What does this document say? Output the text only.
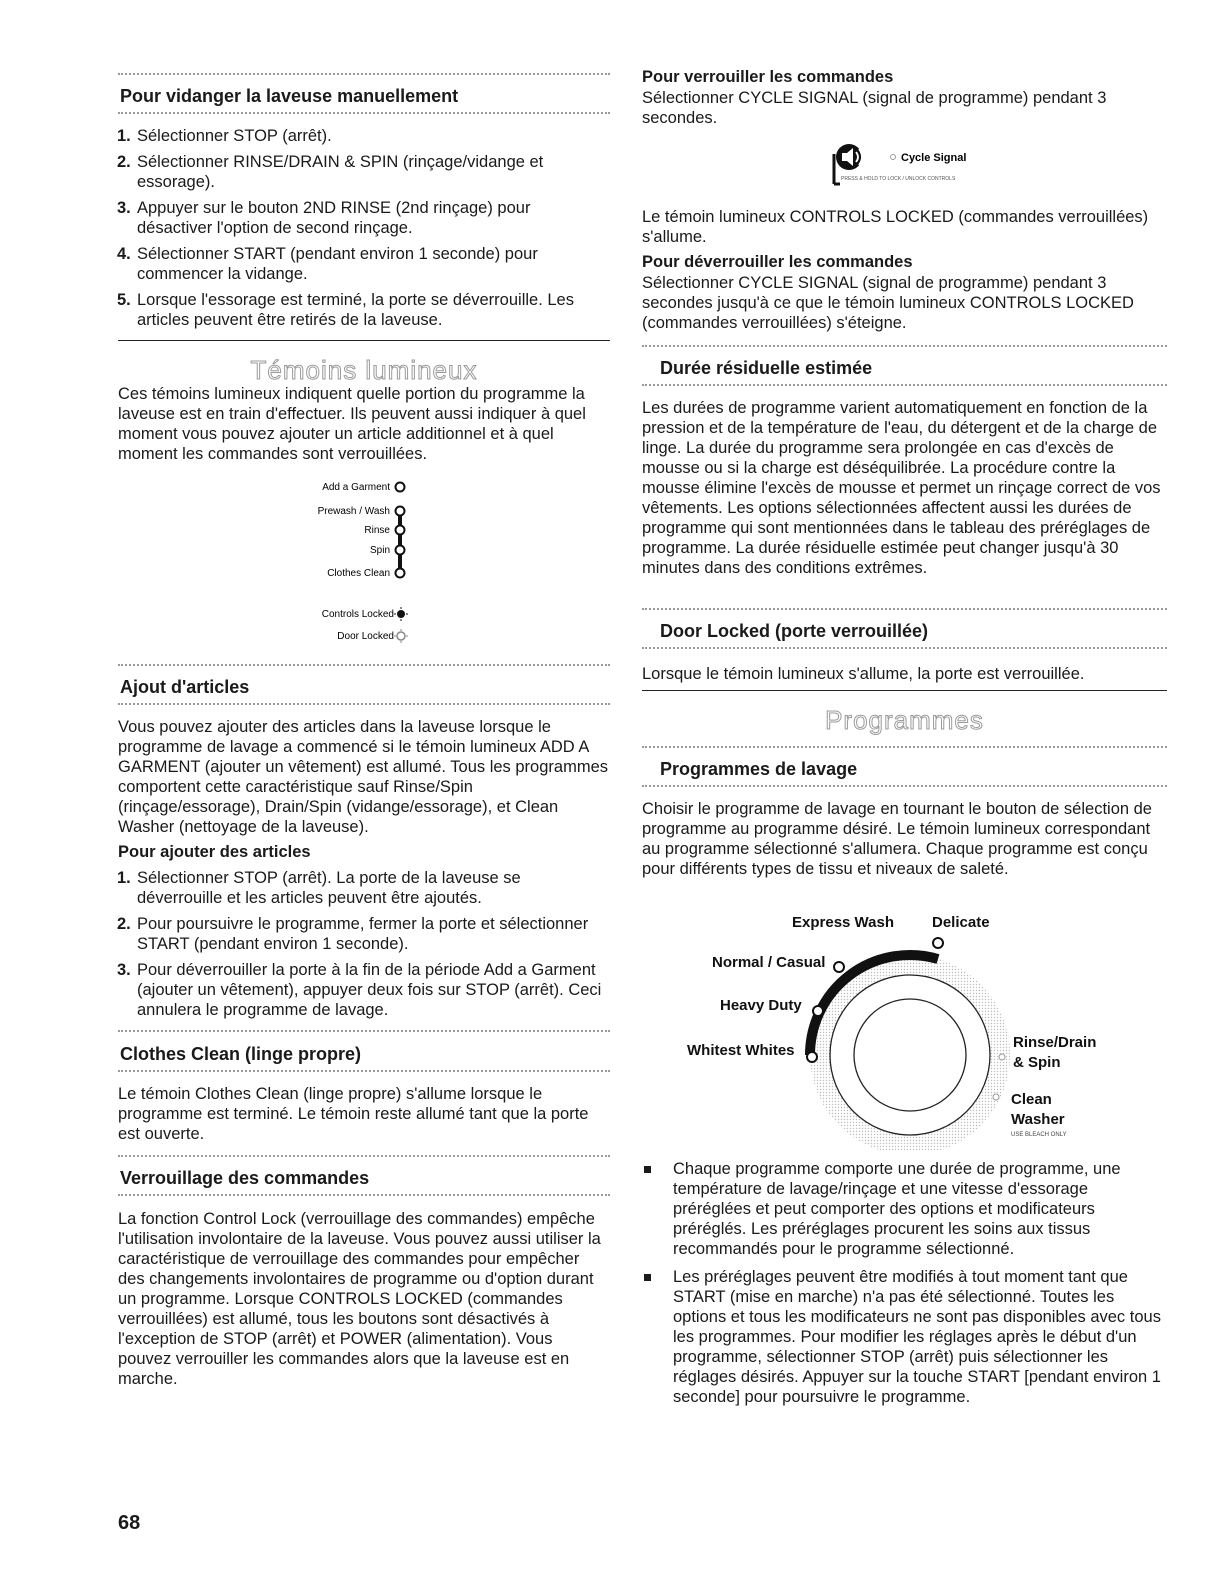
Pour vidanger la laveuse manuellement
1. Sélectionner STOP (arrêt).
2. Sélectionner RINSE/DRAIN & SPIN (rinçage/vidange et essorage).
3. Appuyer sur le bouton 2ND RINSE (2nd rinçage) pour désactiver l'option de second rinçage.
4. Sélectionner START (pendant environ 1 seconde) pour commencer la vidange.
5. Lorsque l'essorage est terminé, la porte se déverrouille. Les articles peuvent être retirés de la laveuse.
Témoins lumineux
Ces témoins lumineux indiquent quelle portion du programme la laveuse est en train d'effectuer. Ils peuvent aussi indiquer à quel moment vous pouvez ajouter un article additionnel et à quel moment les commandes sont verrouillées.
Add a Garment
Prewash / Wash
Rinse
Spin
Clothes Clean
Controls Locked
Door Locked
Ajout d'articles
Vous pouvez ajouter des articles dans la laveuse lorsque le programme de lavage a commencé si le témoin lumineux ADD A GARMENT (ajouter un vêtement) est allumé. Tous les programmes comportent cette caractéristique sauf Rinse/Spin (rinçage/essorage), Drain/Spin (vidange/essorage), et Clean Washer (nettoyage de la laveuse).
Pour ajouter des articles
1. Sélectionner STOP (arrêt). La porte de la laveuse se déverrouille et les articles peuvent être ajoutés.
2. Pour poursuivre le programme, fermer la porte et sélectionner START (pendant environ 1 seconde).
3. Pour déverrouiller la porte à la fin de la période Add a Garment (ajouter un vêtement), appuyer deux fois sur STOP (arrêt). Ceci annulera le programme de lavage.
Clothes Clean (linge propre)
Le témoin Clothes Clean (linge propre) s'allume lorsque le programme est terminé. Le témoin reste allumé tant que la porte est ouverte.
Verrouillage des commandes
La fonction Control Lock (verrouillage des commandes) empêche l'utilisation involontaire de la laveuse. Vous pouvez aussi utiliser la caractéristique de verrouillage des commandes pour empêcher des changements involontaires de programme ou d'option durant un programme. Lorsque CONTROLS LOCKED (commandes verrouillées) est allumé, tous les boutons sont désactivés à l'exception de STOP (arrêt) et POWER (alimentation). Vous pouvez verrouiller les commandes alors que la laveuse est en marche.
Pour verrouiller les commandes
Sélectionner CYCLE SIGNAL (signal de programme) pendant 3 secondes.
Cycle Signal
PRESS & HOLD TO LOCK / UNLOCK CONTROLS
Le témoin lumineux CONTROLS LOCKED (commandes verrouillées) s'allume.
Pour déverrouiller les commandes
Sélectionner CYCLE SIGNAL (signal de programme) pendant 3 secondes jusqu'à ce que le témoin lumineux CONTROLS LOCKED (commandes verrouillées) s'éteigne.
Durée résiduelle estimée
Les durées de programme varient automatiquement en fonction de la pression et de la température de l'eau, du détergent et de la charge de linge. La durée du programme sera prolongée en cas d'excès de mousse ou si la charge est déséquilibrée. La procédure contre la mousse élimine l'excès de mousse et permet un rinçage correct de vos vêtements. Les options sélectionnées affectent aussi les durées de programme qui sont mentionnées dans le tableau des préréglages de programme. La durée résiduelle estimée peut changer jusqu'à 30 minutes dans des conditions extrêmes.
Door Locked (porte verrouillée)
Lorsque le témoin lumineux s'allume, la porte est verrouillée.
Programmes
Programmes de lavage
Choisir le programme de lavage en tournant le bouton de sélection de programme au programme désiré. Le témoin lumineux correspondant au programme sélectionné s'allumera. Chaque programme est conçu pour différents types de tissu et niveaux de saleté.
Express Wash	Delicate
Normal / Casual
Heavy Duty
Whitest Whites	Rinse/Drain
& Spin
Clean
Washer
USE BLEACH ONLY
Chaque programme comporte une durée de programme, une température de lavage/rinçage et une vitesse d'essorage préréglées et peut comporter des options et modificateurs préréglés. Les préréglages procurent les soins aux tissus recommandés pour le programme sélectionné.
Les préréglages peuvent être modifiés à tout moment tant que START (mise en marche) n'a pas été sélectionné. Toutes les options et tous les modificateurs ne sont pas disponibles avec tous les programmes. Pour modifier les réglages après le début d'un programme, sélectionner STOP (arrêt) puis sélectionner les réglages désirés. Appuyer sur la touche START [pendant environ 1 seconde] pour poursuivre le programme.
68
